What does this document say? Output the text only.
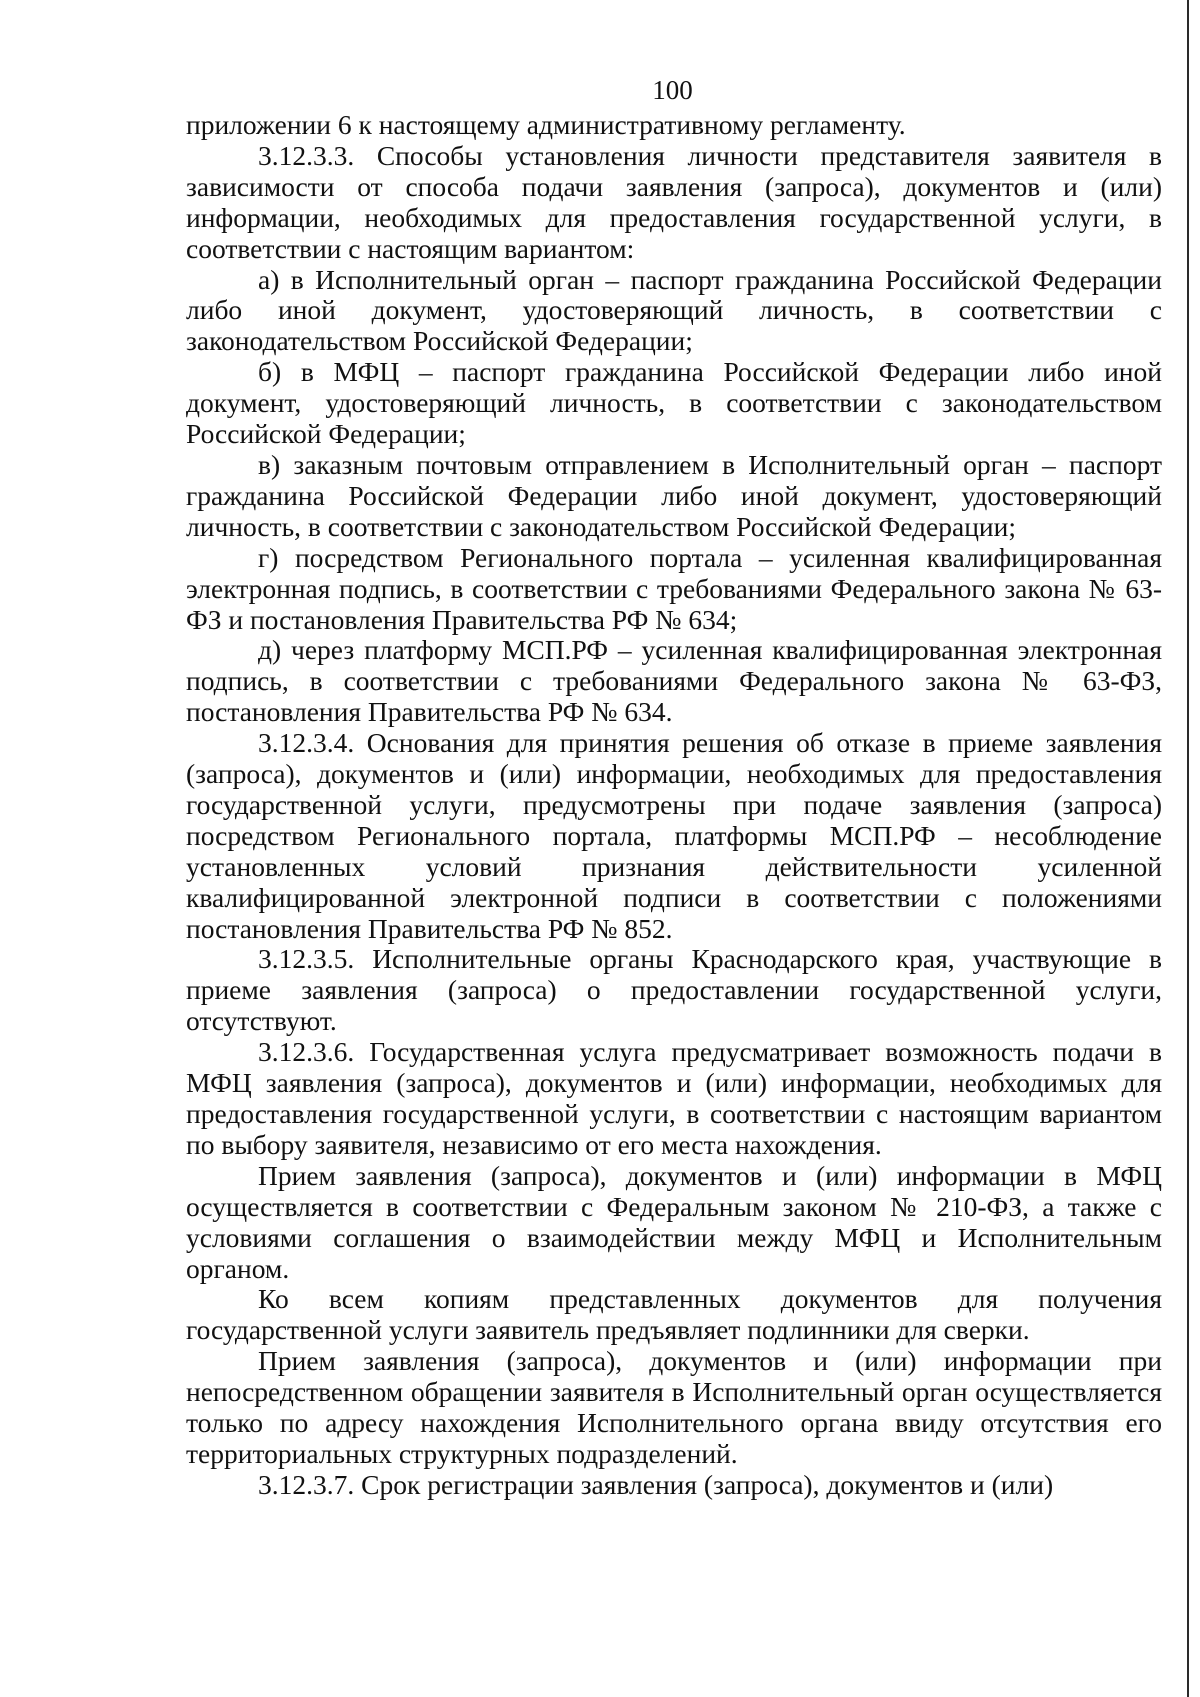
100

приложении 6 к настоящему административному регламенту.

3.12.3.3. Способы установления личности представителя заявителя в зависимости от способа подачи заявления (запроса), документов и (или) информации, необходимых для предоставления государственной услуги, в соответствии с настоящим вариантом:

а) в Исполнительный орган – паспорт гражданина Российской Федерации либо иной документ, удостоверяющий личность, в соответствии с законодательством Российской Федерации;

б) в МФЦ – паспорт гражданина Российской Федерации либо иной документ, удостоверяющий личность, в соответствии с законодательством Российской Федерации;

в) заказным почтовым отправлением в Исполнительный орган – паспорт гражданина Российской Федерации либо иной документ, удостоверяющий личность, в соответствии с законодательством Российской Федерации;

г) посредством Регионального портала – усиленная квалифицированная электронная подпись, в соответствии с требованиями Федерального закона № 63-ФЗ и постановления Правительства РФ № 634;

д) через платформу МСП.РФ – усиленная квалифицированная электронная подпись, в соответствии с требованиями Федерального закона № 63-ФЗ, постановления Правительства РФ № 634.

3.12.3.4. Основания для принятия решения об отказе в приеме заявления (запроса), документов и (или) информации, необходимых для предоставления государственной услуги, предусмотрены при подаче заявления (запроса) посредством Регионального портала, платформы МСП.РФ – несоблюдение установленных условий признания действительности усиленной квалифицированной электронной подписи в соответствии с положениями постановления Правительства РФ № 852.

3.12.3.5. Исполнительные органы Краснодарского края, участвующие в приеме заявления (запроса) о предоставлении государственной услуги, отсутствуют.

3.12.3.6. Государственная услуга предусматривает возможность подачи в МФЦ заявления (запроса), документов и (или) информации, необходимых для предоставления государственной услуги, в соответствии с настоящим вариантом по выбору заявителя, независимо от его места нахождения.

Прием заявления (запроса), документов и (или) информации в МФЦ осуществляется в соответствии с Федеральным законом № 210-ФЗ, а также с условиями соглашения о взаимодействии между МФЦ и Исполнительным органом.

Ко всем копиям представленных документов для получения государственной услуги заявитель предъявляет подлинники для сверки.

Прием заявления (запроса), документов и (или) информации при непосредственном обращении заявителя в Исполнительный орган осуществляется только по адресу нахождения Исполнительного органа ввиду отсутствия его территориальных структурных подразделений.

3.12.3.7. Срок регистрации заявления (запроса), документов и (или)
